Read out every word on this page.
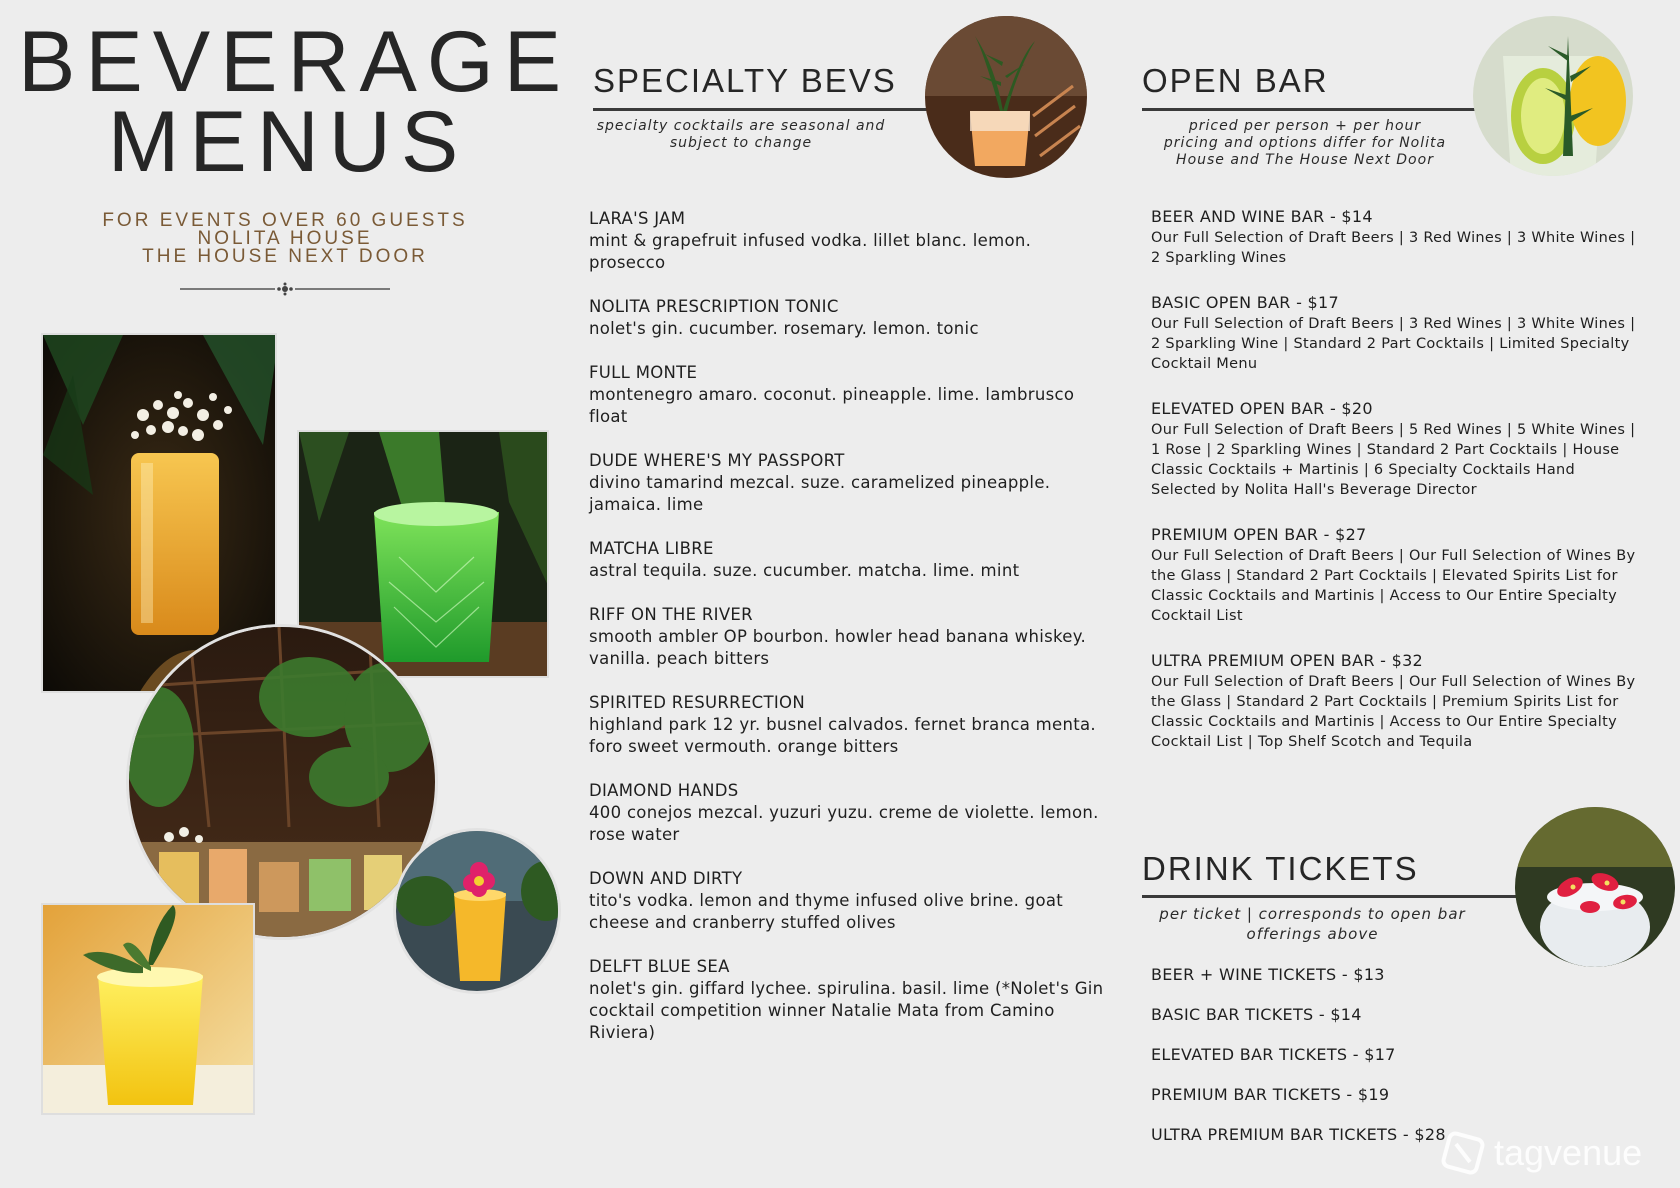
BEVERAGE
MENUS
FOR EVENTS OVER 60 GUESTS
NOLITA HOUSE
THE HOUSE NEXT DOOR
SPECIALTY BEVS
specialty cocktails are seasonal and subject to change
LARA'S JAM
mint & grapefruit infused vodka. lillet blanc. lemon. prosecco
NOLITA PRESCRIPTION TONIC
nolet's gin. cucumber. rosemary. lemon. tonic
FULL MONTE
montenegro amaro. coconut. pineapple. lime. lambrusco float
DUDE WHERE'S MY PASSPORT
divino tamarind mezcal. suze. caramelized pineapple. jamaica. lime
MATCHA LIBRE
astral tequila. suze. cucumber. matcha. lime. mint
RIFF ON THE RIVER
smooth ambler OP bourbon. howler head banana whiskey. vanilla. peach bitters
SPIRITED RESURRECTION
highland park 12 yr. busnel calvados. fernet branca menta. foro sweet vermouth. orange bitters
DIAMOND HANDS
400 conejos mezcal. yuzuri yuzu. creme de violette. lemon. rose water
DOWN AND DIRTY
tito's vodka. lemon and thyme infused olive brine. goat cheese and cranberry stuffed olives
DELFT BLUE SEA
nolet's gin. giffard lychee. spirulina. basil. lime (*Nolet's Gin cocktail competition winner Natalie Mata from Camino Riviera)
OPEN BAR
priced per person + per hour pricing and options differ for Nolita House and The House Next Door
BEER AND WINE BAR - $14
Our Full Selection of Draft Beers | 3 Red Wines | 3 White Wines | 2 Sparkling Wines
BASIC OPEN BAR - $17
Our Full Selection of Draft Beers | 3 Red Wines | 3 White Wines | 2 Sparkling Wine | Standard 2 Part Cocktails | Limited Specialty Cocktail Menu
ELEVATED OPEN BAR - $20
Our Full Selection of Draft Beers | 5 Red Wines | 5 White Wines | 1 Rose | 2 Sparkling Wines | Standard 2 Part Cocktails | House Classic Cocktails + Martinis | 6 Specialty Cocktails Hand Selected by Nolita Hall's Beverage Director
PREMIUM OPEN BAR - $27
Our Full Selection of Draft Beers | Our Full Selection of Wines By the Glass | Standard 2 Part Cocktails | Elevated Spirits List for Classic Cocktails and Martinis | Access to Our Entire Specialty Cocktail List
ULTRA PREMIUM OPEN BAR - $32
Our Full Selection of Draft Beers | Our Full Selection of Wines By the Glass | Standard 2 Part Cocktails | Premium Spirits List for Classic Cocktails and Martinis | Access to Our Entire Specialty Cocktail List | Top Shelf Scotch and Tequila
DRINK TICKETS
per ticket | corresponds to open bar offerings above
BEER + WINE TICKETS - $13
BASIC BAR TICKETS - $14
ELEVATED BAR TICKETS - $17
PREMIUM BAR TICKETS - $19
ULTRA PREMIUM BAR TICKETS - $28	tagvenue
